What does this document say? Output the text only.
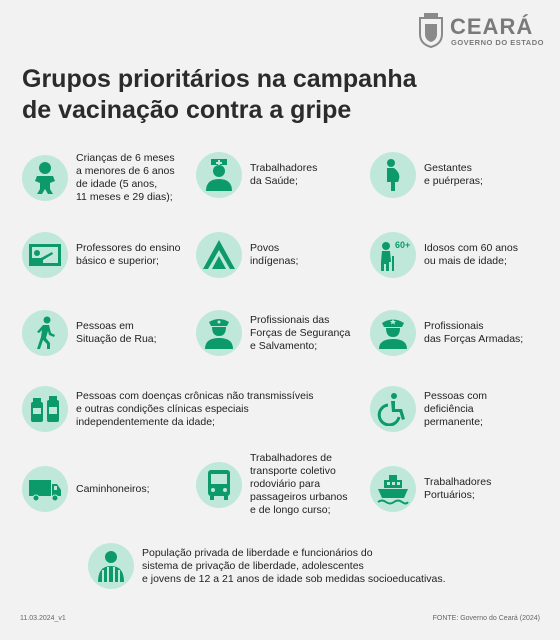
CEARÁ
GOVERNO DO ESTADO
Grupos prioritários na campanha
de vacinação contra a gripe
Crianças de 6 meses
a menores de 6 anos
de idade (5 anos,
11 meses e 29 dias);
Trabalhadores
da Saúde;
Gestantes
e puérperas;
Professores do ensino
básico e superior;
Povos
indígenas;
60+ Idosos com 60 anos
ou mais de idade;
Pessoas em
Situação de Rua;
Profissionais das
Forças de Segurança
e Salvamento;
Profissionais
das Forças Armadas;
Pessoas com doenças crônicas não transmissíveis
e outras condições clínicas especiais
independentemente da idade;
Pessoas com
deficiência
permanente;
Caminhoneiros;
Trabalhadores de
transporte coletivo
rodoviário para
passageiros urbanos
e de longo curso;
Trabalhadores
Portuários;
População privada de liberdade e funcionários do
sistema de privação de liberdade, adolescentes
e jovens de 12 a 21 anos de idade sob medidas socioeducativas.
11.03.2024_v1	FONTE: Governo do Ceará (2024)
